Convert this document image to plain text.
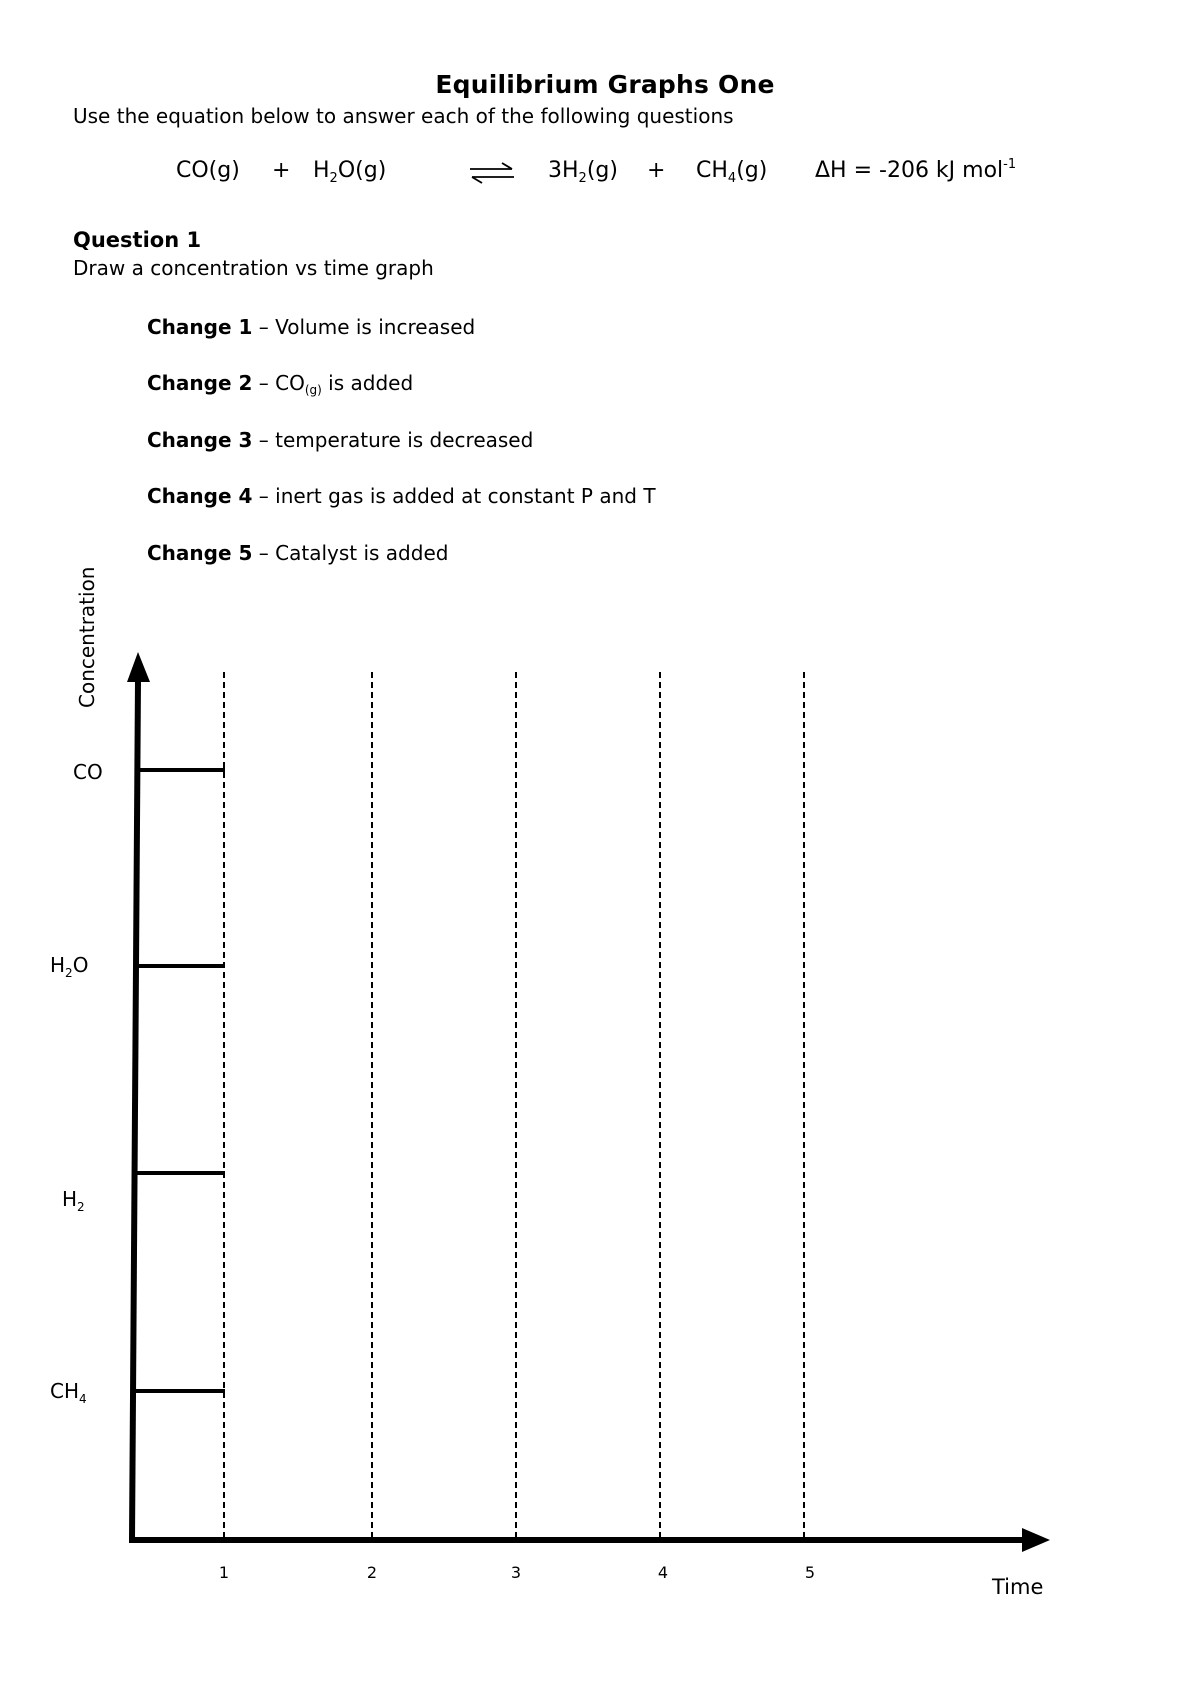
Equilibrium Graphs One
Use the equation below to answer each of the following questions
$CO(g) + H_2O(g)$	⇌ $3H_2(g) + CH_4(g) \Delta H = -206$ kJ mol$^{-1}$
Question 1
Draw a concentration vs time graph
Change 1 – Volume is increased
Change $2 - CO_{(g)}$ is added
Change 3 – temperature is decreased
Change 4 – inert gas is added at constant P and T
Change 5 – Catalyst is added
Concentration
CO
$H_2O$
$H_2$
$CH_4$
1	2	3	4	5
Time
